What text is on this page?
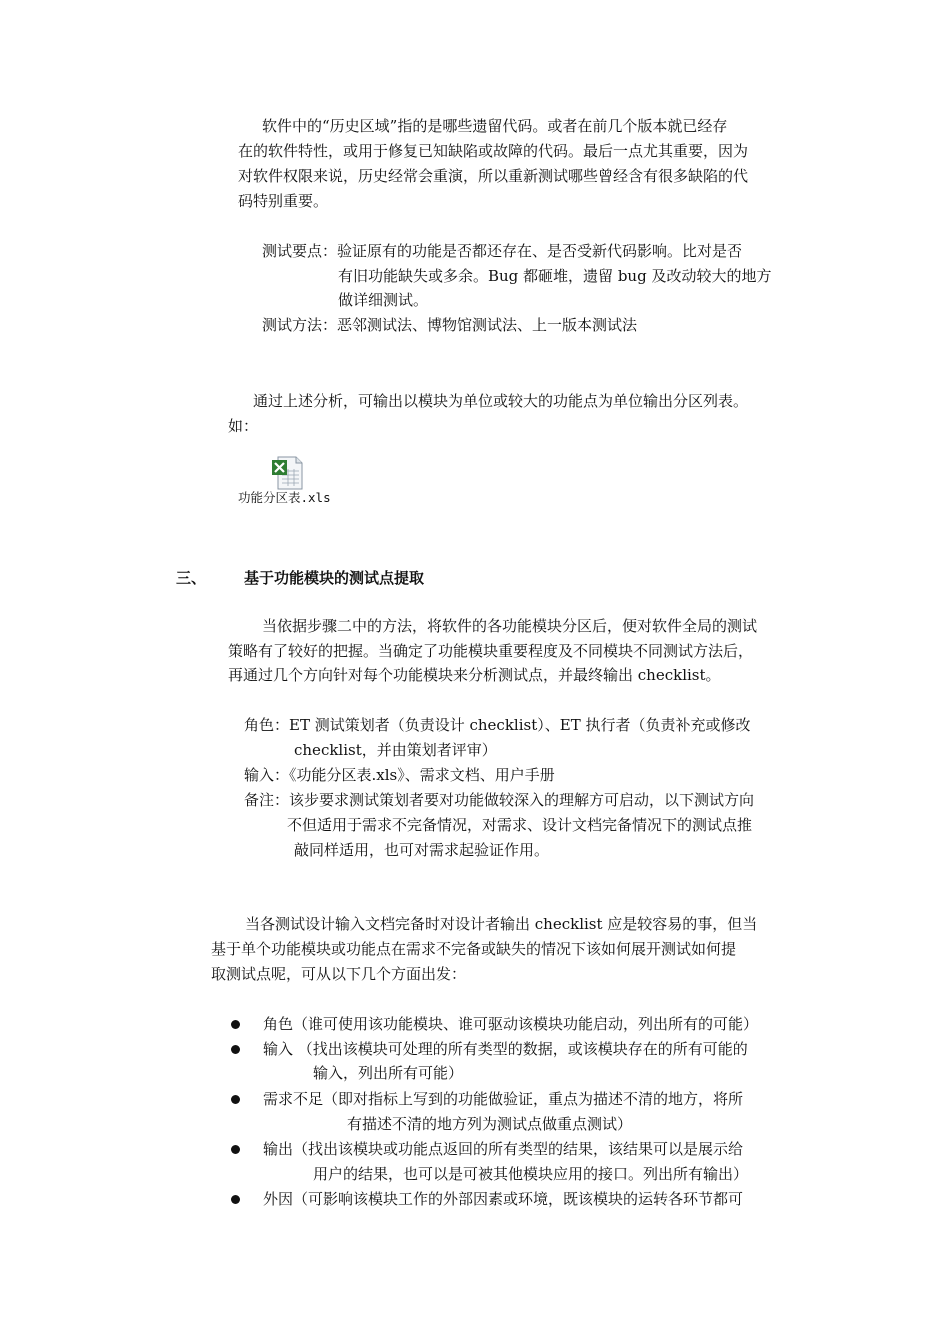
软件中的“历史区域”指的是哪些遗留代码。或者在前几个版本就已经存
在的软件特性，或用于修复已知缺陷或故障的代码。最后一点尤其重要，因为
对软件权限来说，历史经常会重演，所以重新测试哪些曾经含有很多缺陷的代
码特别重要。
测试要点：验证原有的功能是否都还存在、是否受新代码影响。比对是否
有旧功能缺失或多余。Bug 都砸堆，遗留 bug 及改动较大的地方
做详细测试。
测试方法：恶邻测试法、博物馆测试法、上一版本测试法
通过上述分析，可输出以模块为单位或较大的功能点为单位输出分区列表。
如：
功能分区表.xls
三、	基于功能模块的测试点提取
当依据步骤二中的方法，将软件的各功能模块分区后，便对软件全局的测试
策略有了较好的把握。当确定了功能模块重要程度及不同模块不同测试方法后，
再通过几个方向针对每个功能模块来分析测试点，并最终输出 checklist。
角色：ET 测试策划者（负责设计 checklist）、ET 执行者（负责补充或修改
checklist，并由策划者评审）
输入：《功能分区表.xls》、需求文档、用户手册
备注：该步要求测试策划者要对功能做较深入的理解方可启动，以下测试方向
不但适用于需求不完备情况，对需求、设计文档完备情况下的测试点推
敲同样适用，也可对需求起验证作用。
当各测试设计输入文档完备时对设计者输出 checklist 应是较容易的事，但当
基于单个功能模块或功能点在需求不完备或缺失的情况下该如何展开测试如何提
取测试点呢，可从以下几个方面出发：
角色（谁可使用该功能模块、谁可驱动该模块功能启动，列出所有的可能）
输入 （找出该模块可处理的所有类型的数据，或该模块存在的所有可能的
输入，列出所有可能）
需求不足（即对指标上写到的功能做验证，重点为描述不清的地方，将所
有描述不清的地方列为测试点做重点测试）
输出（找出该模块或功能点返回的所有类型的结果，该结果可以是展示给
用户的结果，也可以是可被其他模块应用的接口。列出所有输出）
外因（可影响该模块工作的外部因素或环境，既该模块的运转各环节都可
